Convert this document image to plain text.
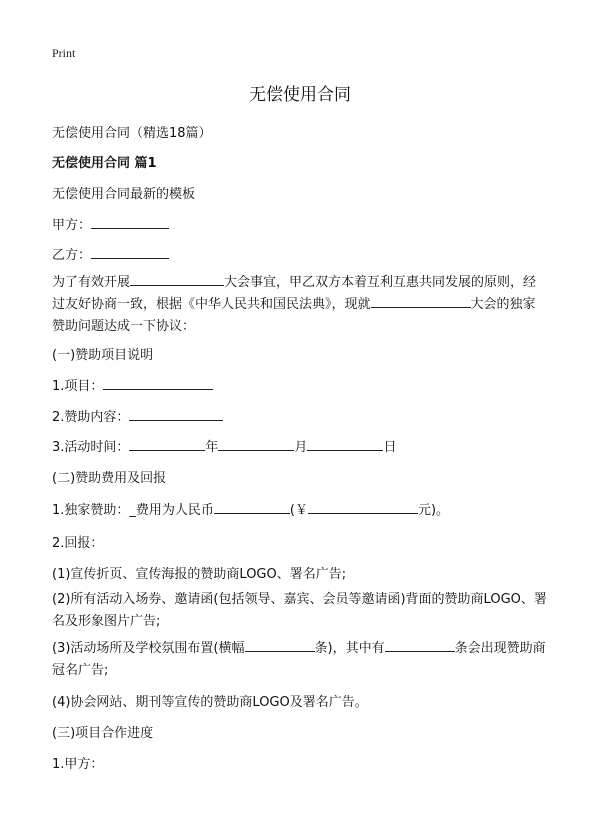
Print
无偿使用合同
无偿使用合同（精选18篇）
无偿使用合同 篇1
无偿使用合同最新的模板
甲方：
乙方：
为了有效开展	大会事宜，甲乙双方本着互利互惠共同发展的原则，经过友好协商一致，根据《中华人民共和国民法典》，现就	大会的独家赞助问题达成一下协议：
(一)赞助项目说明
1.项目：
2.赞助内容：
3.活动时间：	年	月	日
(二)赞助费用及回报
1.独家赞助：_费用为人民币	(￥	元)。
2.回报：
(1)宣传折页、宣传海报的赞助商LOGO、署名广告;
(2)所有活动入场券、邀请函(包括领导、嘉宾、会员等邀请函)背面的赞助商LOGO、署名及形象图片广告;
(3)活动场所及学校氛围布置(横幅	条)，其中有	条会出现赞助商冠名广告;
(4)协会网站、期刊等宣传的赞助商LOGO及署名广告。
(三)项目合作进度
1.甲方：
